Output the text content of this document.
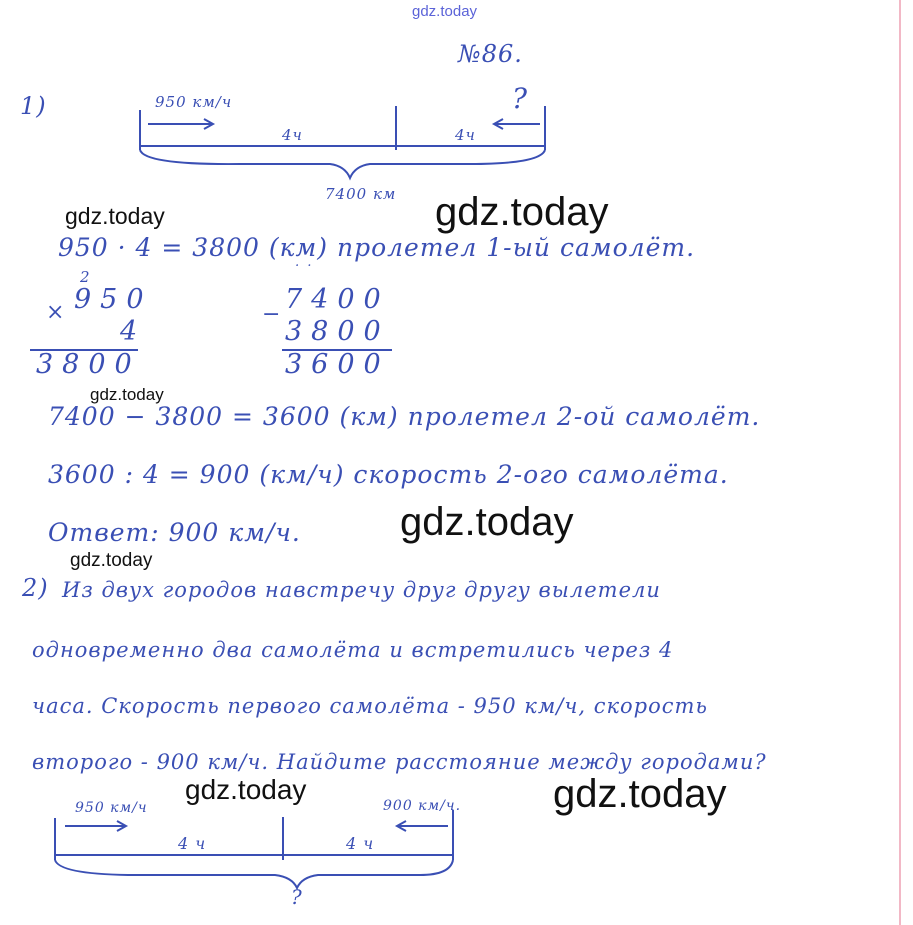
gdz.today
№86.
1)	950 км/ч
4ч	4ч
?
7400 км
950 · 4 = 3800 (км) пролетел 1-ый самолёт.
2
950
×
4
3800
˙ ˙
−
7400
3800
3600
7400 − 3800 = 3600 (км) пролетел 2-ой самолёт.
3600 : 4 = 900 (км/ч) скорость 2-ого самолёта.
Ответ: 900 км/ч.
2) Из двух городов навстречу друг другу вылетели
одновременно два самолёта и встретились через 4
часа. Скорость первого самолёта - 950 км/ч, скорость
второго - 900 км/ч. Найдите расстояние между городами?
950 км/ч	900 км/ч.
4 ч	4 ч
?
gdz.today	gdz.today
gdz.today
gdz.today
gdz.today
gdz.today	gdz.today
